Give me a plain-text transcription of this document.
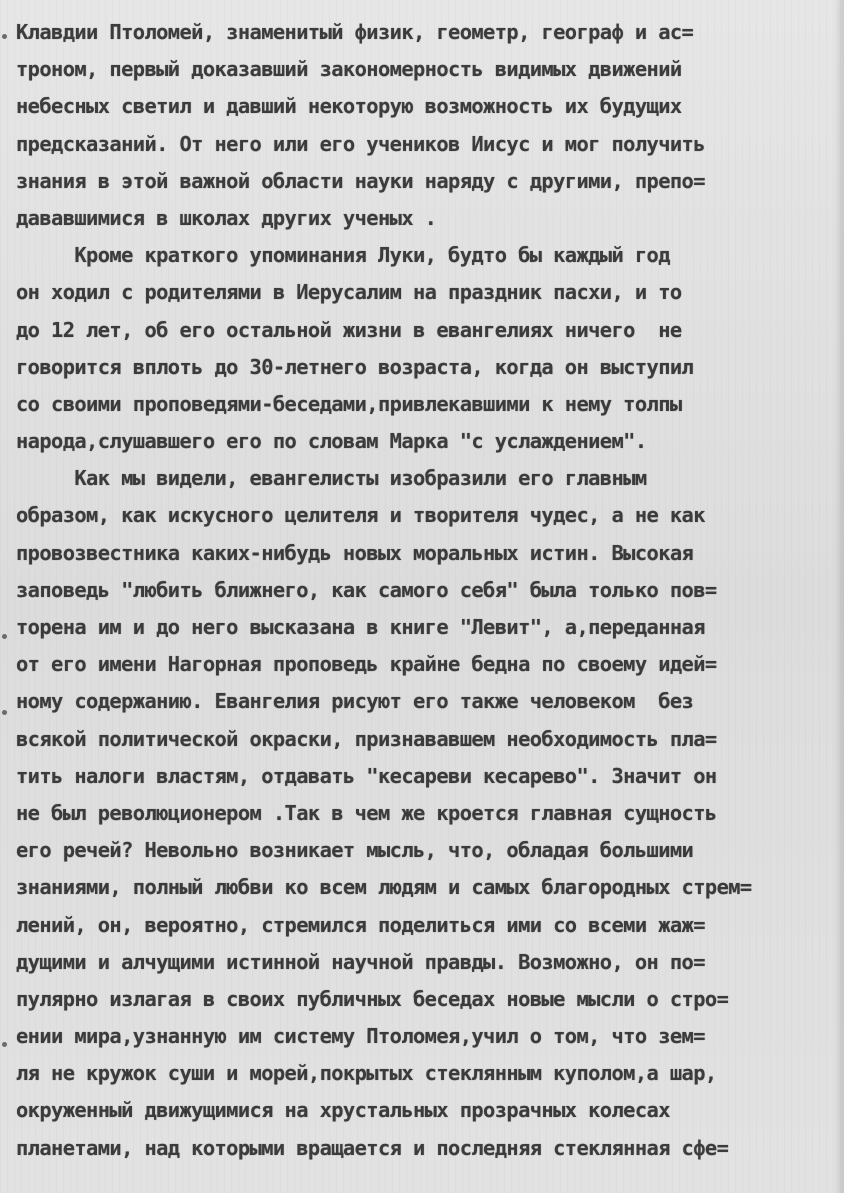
Клавдии Птоломей, знаменитый физик, геометр, географ и ас=
троном, первый доказавший закономерность видимых движений
небесных светил и давший некоторую возможность их будущих
предсказаний. От него или его учеников Иисус и мог получить
знания в этой важной области науки наряду с другими, препо=
дававшимися в школах других ученых .
Кроме краткого упоминания Луки, будто бы каждый год
он ходил с родителями в Иерусалим на праздник пасхи, и то
до 12 лет, об его остальной жизни в евангелиях ничего  не
говорится вплоть до 30-летнего возраста, когда он выступил
со своими проповедями-беседами,привлекавшими к нему толпы
народа,слушавшего его по словам Марка "с услаждением".
Как мы видели, евангелисты изобразили его главным
образом, как искусного целителя и творителя чудес, а не как
провозвестника каких-нибудь новых моральных истин. Высокая
заповедь "любить ближнего, как самого себя" была только пов=
торена им и до него высказана в книге "Левит", а,переданная
от его имени Нагорная проповедь крайне бедна по своему идей=
ному содержанию. Евангелия рисуют его также человеком  без
всякой политической окраски, признававшем необходимость пла=
тить налоги властям, отдавать "кесареви кесарево". Значит он
не был революционером .Так в чем же кроется главная сущность
его речей? Невольно возникает мысль, что, обладая большими
знаниями, полный любви ко всем людям и самых благородных стрем=
лений, он, вероятно, стремился поделиться ими со всеми жаж=
дущими и алчущими истинной научной правды. Возможно, он по=
пулярно излагая в своих публичных беседах новые мысли о стро=
ении мира,узнанную им систему Птоломея,учил о том, что зем=
ля не кружок суши и морей,покрытых стеклянным куполом,а шар,
окруженный движущимися на хрустальных прозрачных колесах
планетами, над которыми вращается и последняя стеклянная сфе=
